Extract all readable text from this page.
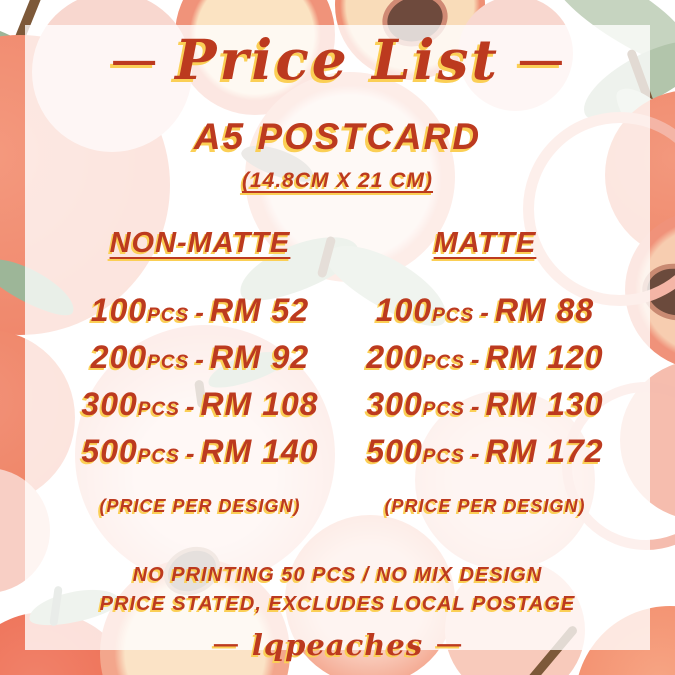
— Price List —
A5 POSTCARD
(14.8CM X 21 CM)
NON-MATTE
100PCS - RM 52
200PCS - RM 92
300PCS - RM 108
500PCS - RM 140
(PRICE PER DESIGN)
MATTE
100PCS - RM 88
200PCS - RM 120
300PCS - RM 130
500PCS - RM 172
(PRICE PER DESIGN)
NO PRINTING 50 PCS / NO MIX DESIGN
PRICE STATED, EXCLUDES LOCAL POSTAGE
— lqpeaches —
